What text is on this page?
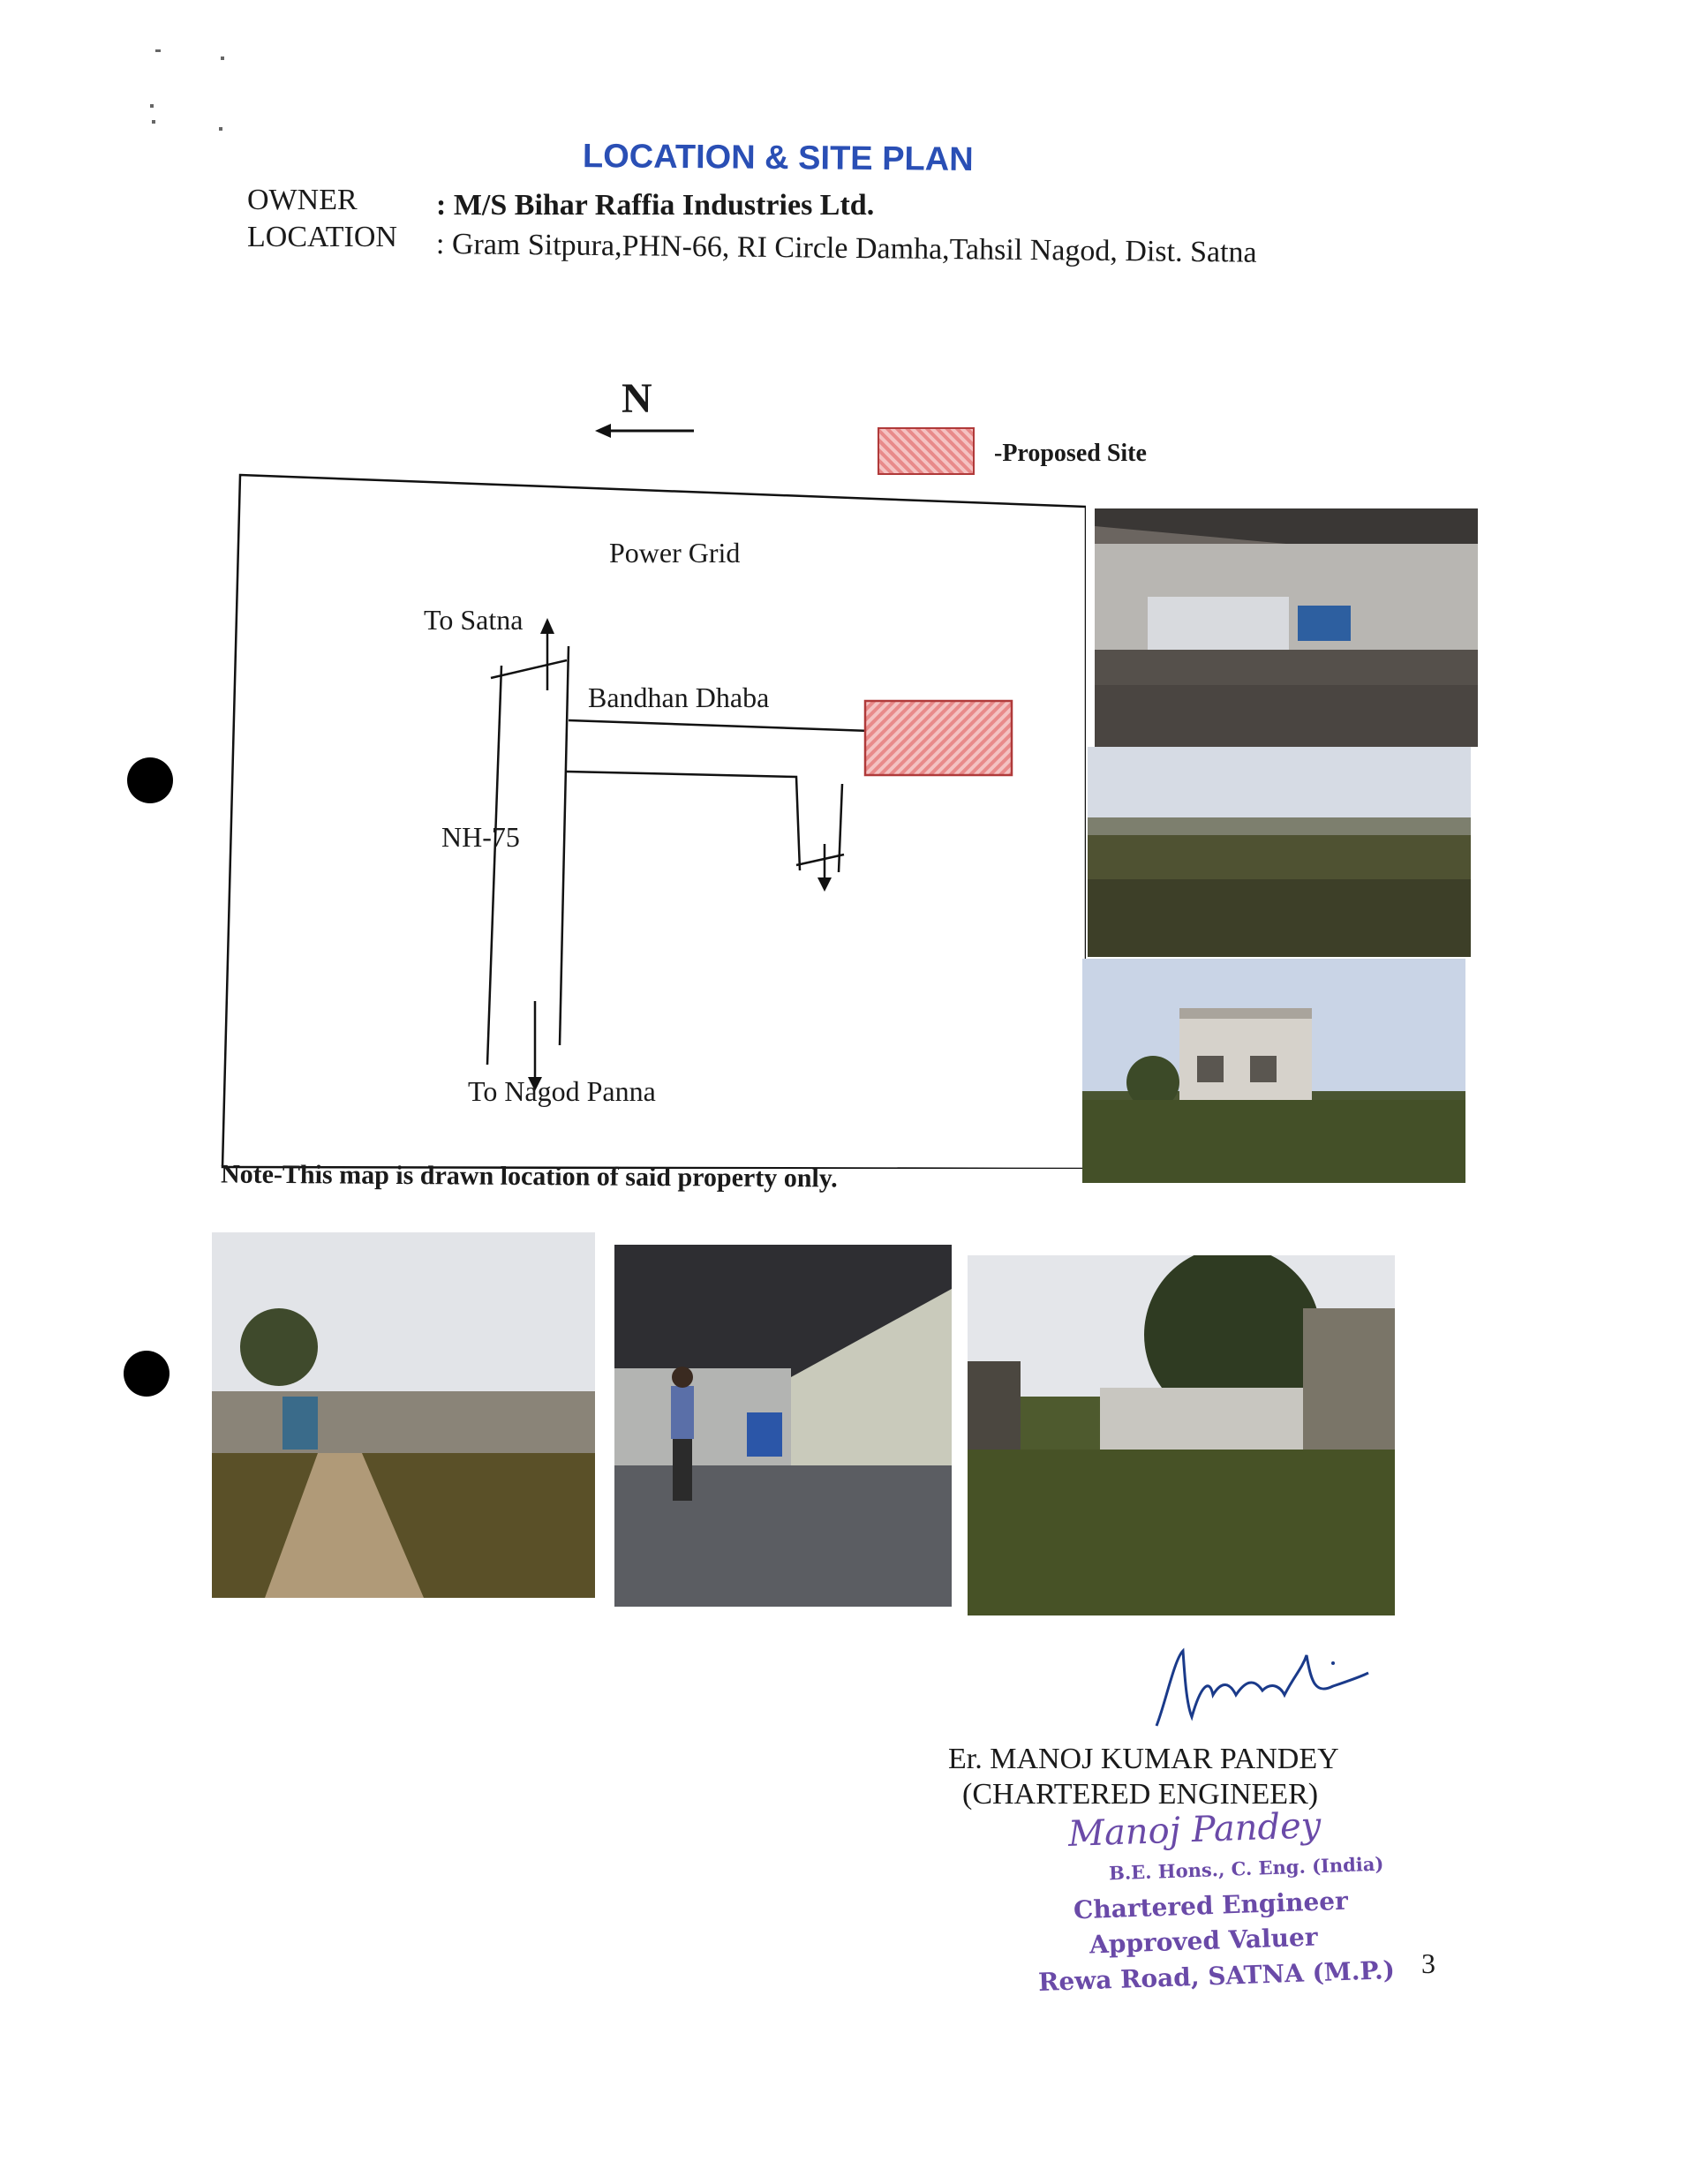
LOCATION & SITE PLAN
OWNER	: M/S Bihar Raffia Industries Ltd.
LOCATION : Gram Sitpura,PHN-66, RI Circle Damha,Tahsil Nagod, Dist. Satna
N
-Proposed Site
Power Grid
To Satna
Bandhan Dhaba
NH-75
To Nagod Panna
Note-This map is drawn location of said property only.
Er. MANOJ KUMAR PANDEY
(CHARTERED ENGINEER)
Manoj Pandey
B.E. Hons., C. Eng. (India)
Chartered Engineer
Approved Valuer
Rewa Road, SATNA (M.P.) 3
